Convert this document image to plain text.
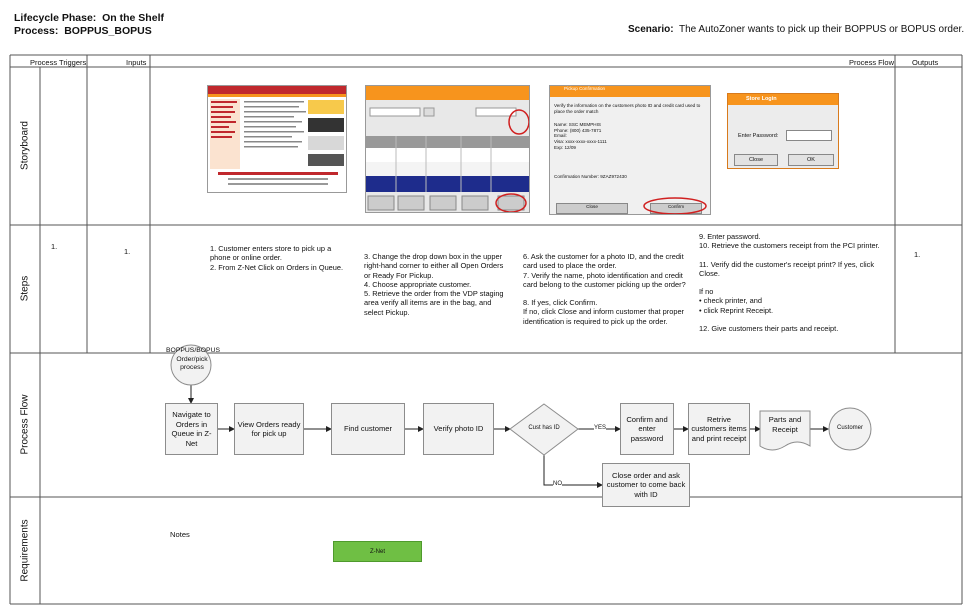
Lifecycle Phase: On the Shelf
Process: BOPPUS_BOPUS	Scenario: The AutoZoner wants to pick up their BOPPUS or BOPUS order.
Process Triggers	Inputs	Process Flow Outputs
Storyboard
Steps
Process Flow
Requirements
Pickup Confirmation
Verify the information on the customers photo ID and credit card used to place the order match
Name: SSC MEMPHIS
Phone: (800) 435-7871
Email:
Visa: xxxx-xxxx-xxxx-1111
Exp: 12/09
Confirmation Number: 9ZAZ972430
Close	Confirm
Store Login
Enter Password:
Close	OK
1.
1.	1.

1. Customer enters store to pick up a phone or online order.

2. From Z-Net Click on Orders in Queue.

3. Change the drop down box in the upper right-hand corner to either all Open Orders or Ready For Pickup.

4. Choose appropriate customer.

5. Retrieve the order from the VDP staging area verify all items are in the bag, and select Pickup.

6. Ask the customer for a photo ID, and the credit card used to place the order.

7. Verify the name, photo identification and credit card belong to the customer picking up the order?

8. If yes, click Confirm.

If no, click Close and inform customer that proper identification is required to pick up the order.

9. Enter password.

10. Retrieve the customers receipt from the PCI printer.

11. Verify did the customer's receipt print? If yes, click Close.

If no

• check printer, and

• click Reprint Receipt.

12. Give customers their parts and receipt.

BOPPUS/BOPUS Order/pick process
Navigate to Orders in Queue in Z-Net
View Orders ready for pick up
Find customer	Verify photo ID	Cust has ID	YES
NO
Confirm and enter password
Retrive customers items and print receipt
Parts and Receipt	Customer
Close order and ask customer to come back with ID
Notes
Z-Net
